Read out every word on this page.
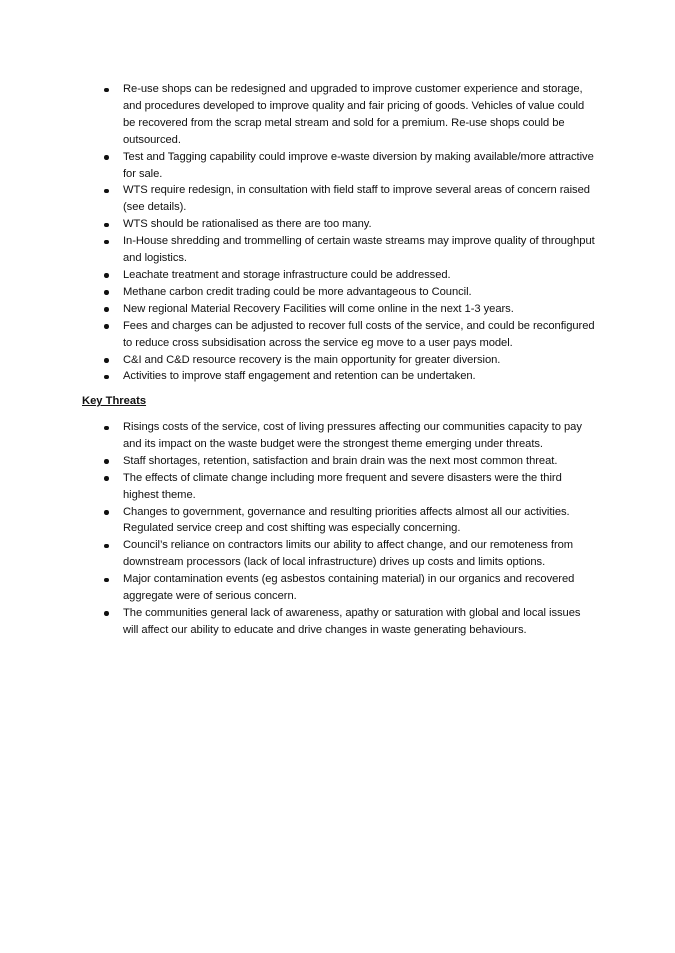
Re-use shops can be redesigned and upgraded to improve customer experience and storage, and procedures developed to improve quality and fair pricing of goods. Vehicles of value could be recovered from the scrap metal stream and sold for a premium. Re-use shops could be outsourced.
Test and Tagging capability could improve e-waste diversion by making available/more attractive for sale.
WTS require redesign, in consultation with field staff to improve several areas of concern raised (see details).
WTS should be rationalised as there are too many.
In-House shredding and trommelling of certain waste streams may improve quality of throughput and logistics.
Leachate treatment and storage infrastructure could be addressed.
Methane carbon credit trading could be more advantageous to Council.
New regional Material Recovery Facilities will come online in the next 1-3 years.
Fees and charges can be adjusted to recover full costs of the service, and could be reconfigured to reduce cross subsidisation across the service eg move to a user pays model.
C&I and C&D resource recovery is the main opportunity for greater diversion.
Activities to improve staff engagement and retention can be undertaken.
Key Threats
Risings costs of the service, cost of living pressures affecting our communities capacity to pay and its impact on the waste budget were the strongest theme emerging under threats.
Staff shortages, retention, satisfaction and brain drain was the next most common threat.
The effects of climate change including more frequent and severe disasters were the third highest theme.
Changes to government, governance and resulting priorities affects almost all our activities. Regulated service creep and cost shifting was especially concerning.
Council’s reliance on contractors limits our ability to affect change, and our remoteness from downstream processors (lack of local infrastructure) drives up costs and limits options.
Major contamination events (eg asbestos containing material) in our organics and recovered aggregate were of serious concern.
The communities general lack of awareness, apathy or saturation with global and local issues will affect our ability to educate and drive changes in waste generating behaviours.
